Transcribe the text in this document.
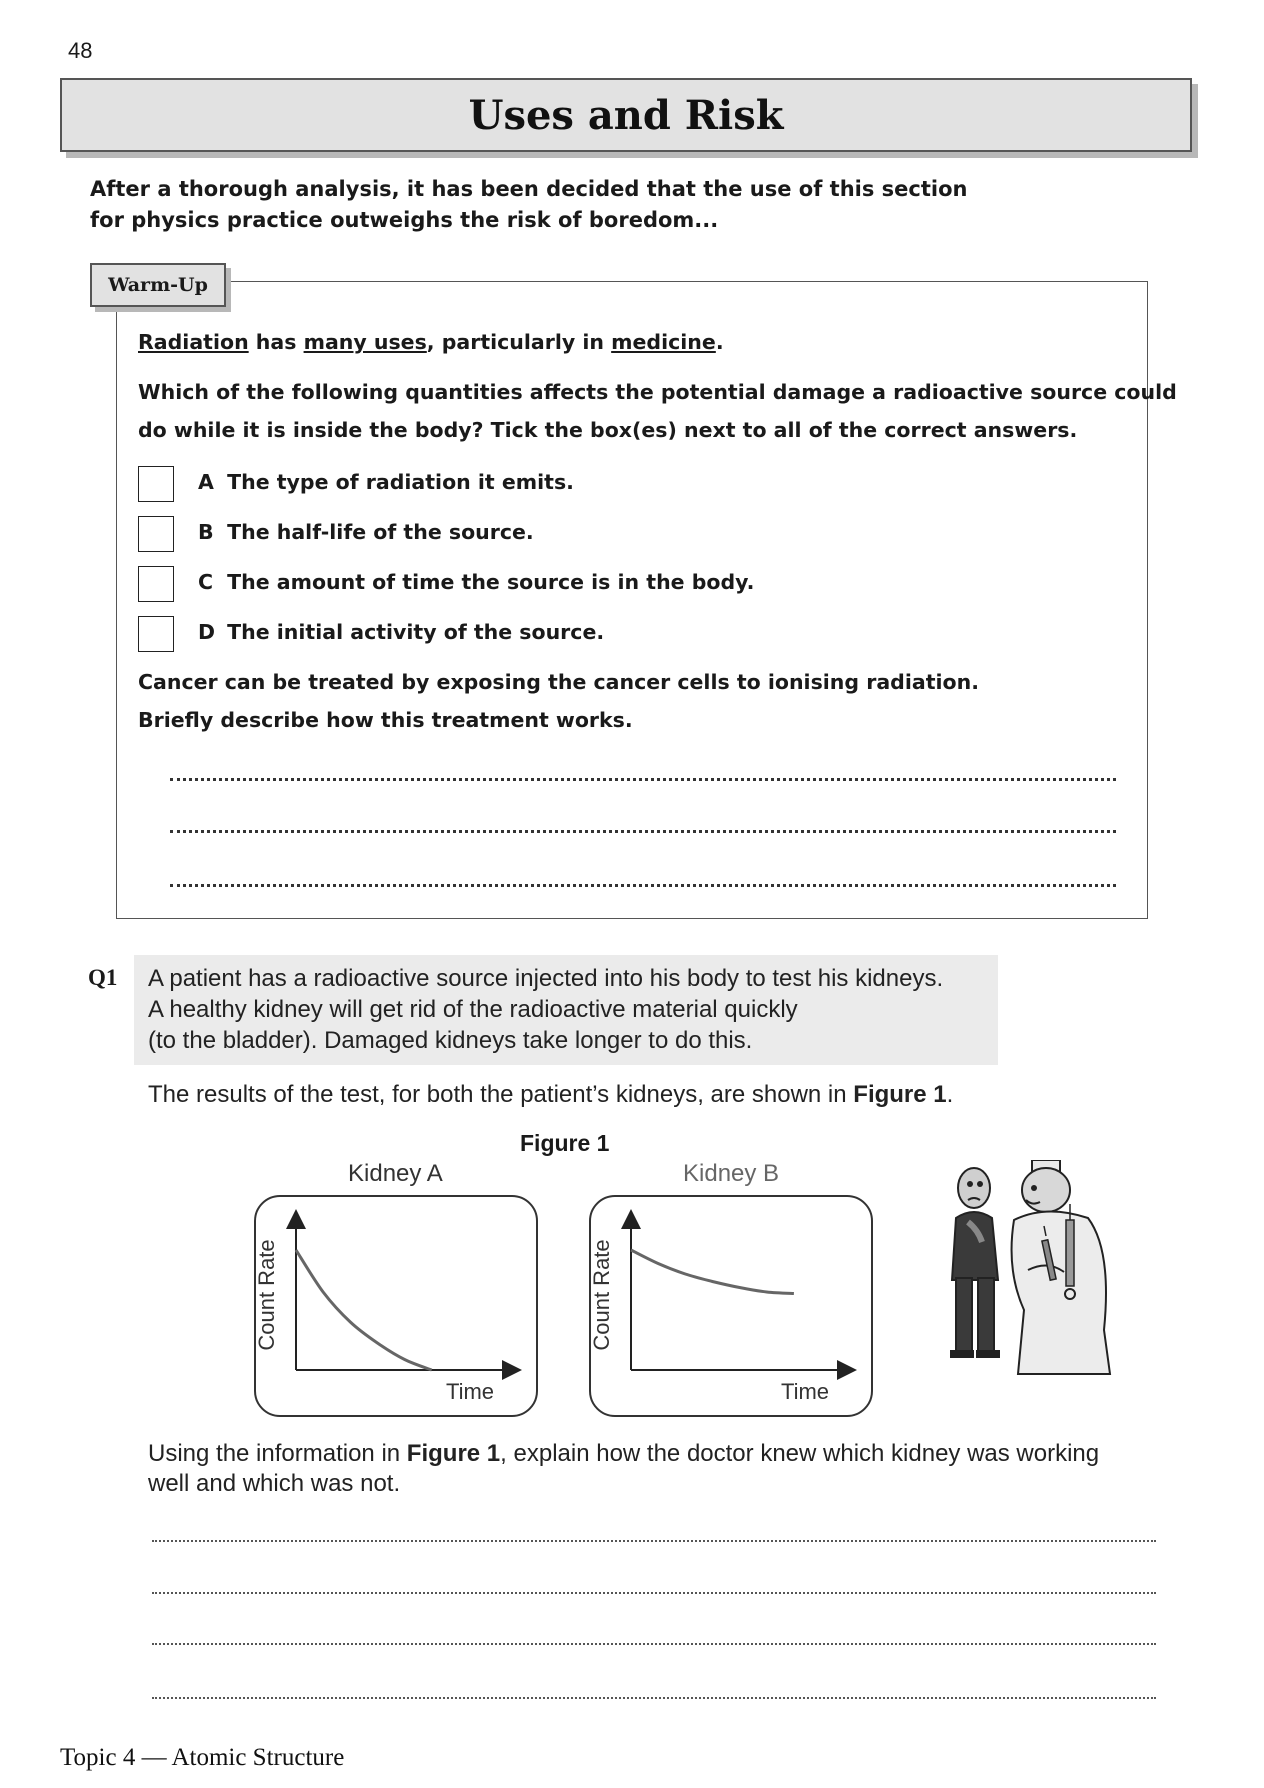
48
Uses and Risk
After a thorough analysis, it has been decided that the use of this section
for physics practice outweighs the risk of boredom...
Warm-Up
Radiation has many uses, particularly in medicine.
Which of the following quantities affects the potential damage a radioactive source could
do while it is inside the body? Tick the box(es) next to all of the correct answers.
A The type of radiation it emits.
B The half-life of the source.
C The amount of time the source is in the body.
D The initial activity of the source.
Cancer can be treated by exposing the cancer cells to ionising radiation.
Briefly describe how this treatment works.
Q1 A patient has a radioactive source injected into his body to test his kidneys.
A healthy kidney will get rid of the radioactive material quickly
(to the bladder). Damaged kidneys take longer to do this.
The results of the test, for both the patient’s kidneys, are shown in Figure 1.
Figure 1
Kidney A
Count Rate
Time
Kidney B
Count Rate
Time
Using the information in Figure 1, explain how the doctor knew which kidney was working
well and which was not.
Topic 4 — Atomic Structure
